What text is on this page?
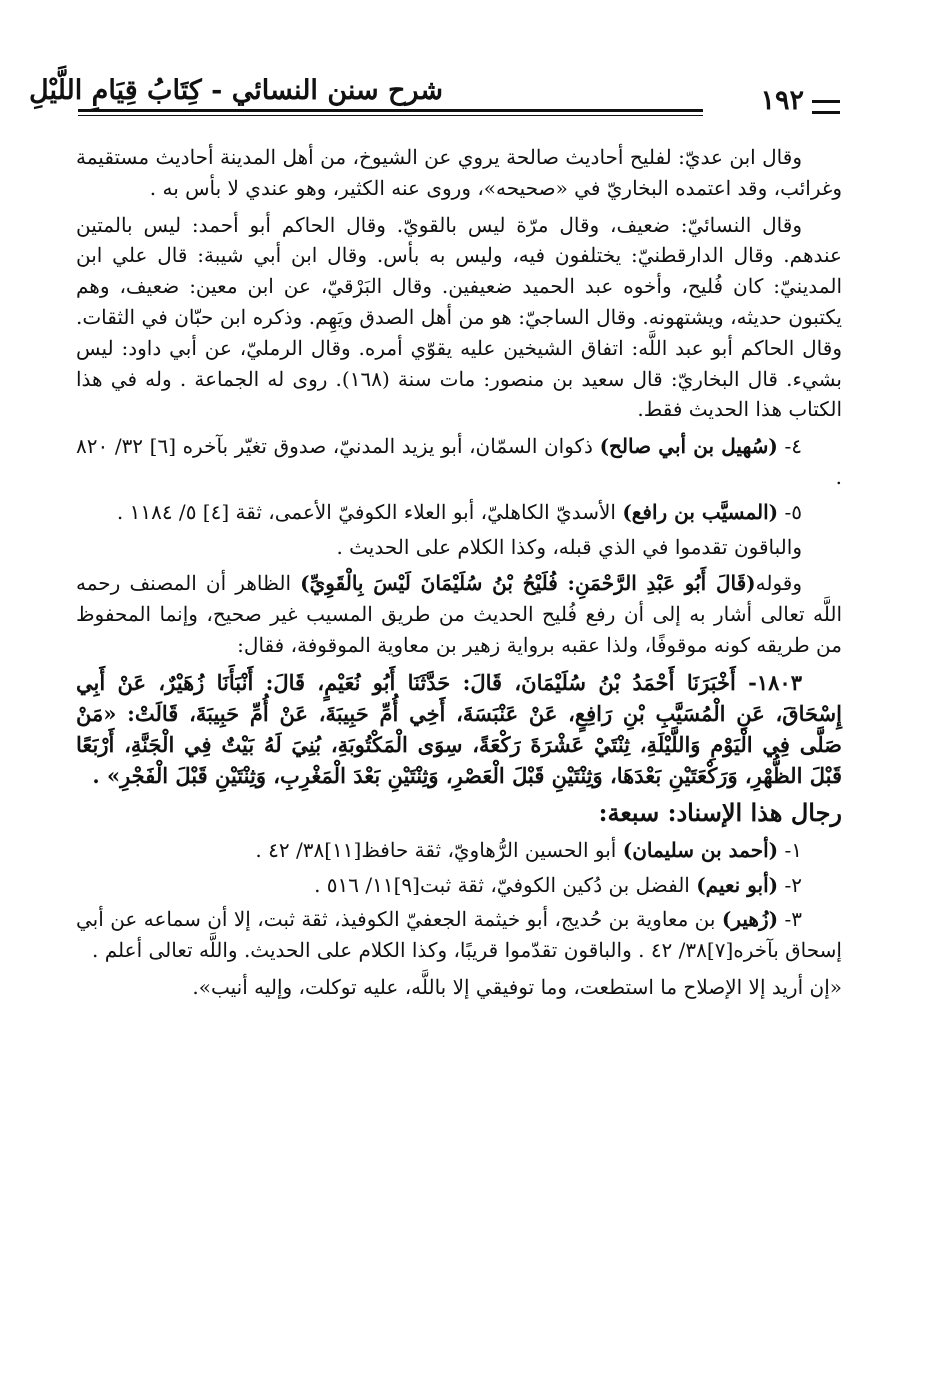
شرح سنن النسائي - كِتَابُ قِيَامِ اللَّيْلِ	١٩٢

وقال ابن عديّ: لفليح أحاديث صالحة يروي عن الشيوخ، من أهل المدينة أحاديث مستقيمة وغرائب، وقد اعتمده البخاريّ في «صحيحه»، وروى عنه الكثير، وهو عندي لا بأس به .

وقال النسائيّ: ضعيف، وقال مرّة ليس بالقويّ. وقال الحاكم أبو أحمد: ليس بالمتين عندهم. وقال الدارقطنيّ: يختلفون فيه، وليس به بأس. وقال ابن أبي شيبة: قال علي ابن المدينيّ: كان فُليح، وأخوه عبد الحميد ضعيفين. وقال البَرْقيّ، عن ابن معين: ضعيف، وهم يكتبون حديثه، ويشتهونه. وقال الساجيّ: هو من أهل الصدق ويَهِم. وذكره ابن حبّان في الثقات. وقال الحاكم أبو عبد اللَّه: اتفاق الشيخين عليه يقوّي أمره. وقال الرمليّ، عن أبي داود: ليس بشيء. قال البخاريّ: قال سعيد بن منصور: مات سنة (١٦٨). روى له الجماعة . وله في هذا الكتاب هذا الحديث فقط.

٤- (سُهيل بن أبي صالح) ذكوان السمّان، أبو يزيد المدنيّ، صدوق تغيّر بآخره [٦] ٣٢/ ٨٢٠ .

٥- (المسيَّب بن رافع) الأسديّ الكاهليّ، أبو العلاء الكوفيّ الأعمى، ثقة [٤] ٥/ ١١٨٤ .

والباقون تقدموا في الذي قبله، وكذا الكلام على الحديث .

وقوله(قَالَ أَبُو عَبْدِ الرَّحْمَنِ: فُلَيْحُ بْنُ سُلَيْمَانَ لَيْسَ بِالْقَوِيِّ) الظاهر أن المصنف رحمه اللَّه تعالى أشار به إلى أن رفع فُليح الحديث من طريق المسيب غير صحيح، وإنما المحفوظ من طريقه كونه موقوفًا، ولذا عقبه برواية زهير بن معاوية الموقوفة، فقال:

١٨٠٣- أَخْبَرَنَا أَحْمَدُ بْنُ سُلَيْمَانَ، قَالَ: حَدَّثَنَا أَبُو نُعَيْمٍ، قَالَ: أَنْبَأَنَا زُهَيْرٌ، عَنْ أَبِي إِسْحَاقَ، عَنِ الْمُسَيَّبِ بْنِ رَافِعٍ، عَنْ عَنْبَسَةَ، أَخِي أُمِّ حَبِيبَةَ، عَنْ أُمِّ حَبِيبَةَ، قَالَتْ: «مَنْ صَلَّى فِي الْيَوْمِ وَاللَّيْلَةِ، ثِنْتَيْ عَشْرَةَ رَكْعَةً، سِوَى الْمَكْتُوبَةِ، بُنِيَ لَهُ بَيْتٌ فِي الْجَنَّةِ، أَرْبَعًا قَبْلَ الظُّهْرِ، وَرَكْعَتَيْنِ بَعْدَهَا، وَثِنْتَيْنِ قَبْلَ الْعَصْرِ، وَثِنْتَيْنِ بَعْدَ الْمَغْرِبِ، وَثِنْتَيْنِ قَبْلَ الْفَجْرِ» .

رجال هذا الإسناد: سبعة:

١- (أحمد بن سليمان) أبو الحسين الرُّهاويّ، ثقة حافظ[١١]٣٨/ ٤٢ .

٢- (أبو نعيم) الفضل بن دُكين الكوفيّ، ثقة ثبت[٩]١١/ ٥١٦ .

٣- (زُهير) بن معاوية بن حُديج، أبو خيثمة الجعفيّ الكوفيذ، ثقة ثبت، إلا أن سماعه عن أبي إسحاق بآخره[٧]٣٨/ ٤٢ . والباقون تقدّموا قريبًا، وكذا الكلام على الحديث. واللَّه تعالى أعلم .

«إن أريد إلا الإصلاح ما استطعت، وما توفيقي إلا باللَّه، عليه توكلت، وإليه أنيب».
